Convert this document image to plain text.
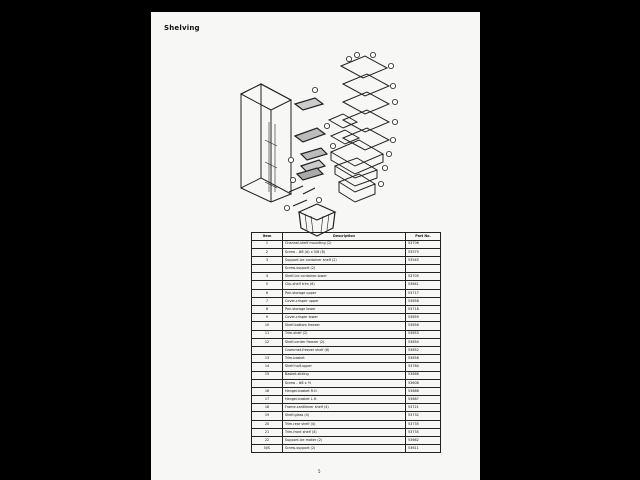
Shelving
Item	Description	Part No.
1	Channel-shelf mounting (2)	53706
2	Screw - #8 (A) x 5/8 (8)	53575
3	Support-ice container shelf (2)	53545
	Screw-support (2)	
4	Shelf-ice container-lower	53705
5	Clip-shelf trim (6)	53641
6	Pan-storage upper	53717
7	Cover-crisper upper	53658
8	Pan-storage lower	53718
9	Cover-crisper lower	53659
10	Shelf-bottom freezer	53656
11	Trim-shelf (2)	53653
12	Shelf-center freezer (2)	53654
	Grommet-freezer shelf (6)	53652
13	Trim-basket	53658
14	Shelf-half-upper	53784
15	Basket-sliding	53666
	Screw - #8 x ½	53608
16	Hanger-basket R.H.	53686
17	Hanger-basket L.H.	53687
18	Frame-cantilever shelf (4)	53721
19	Shelf-glass (4)	53732
20	Trim-rear shelf (4)	53735
21	Trim-front shelf (4)	53735
22	Support-ice maker (2)	53662
N/S	Screw-support (2)	53611
5
